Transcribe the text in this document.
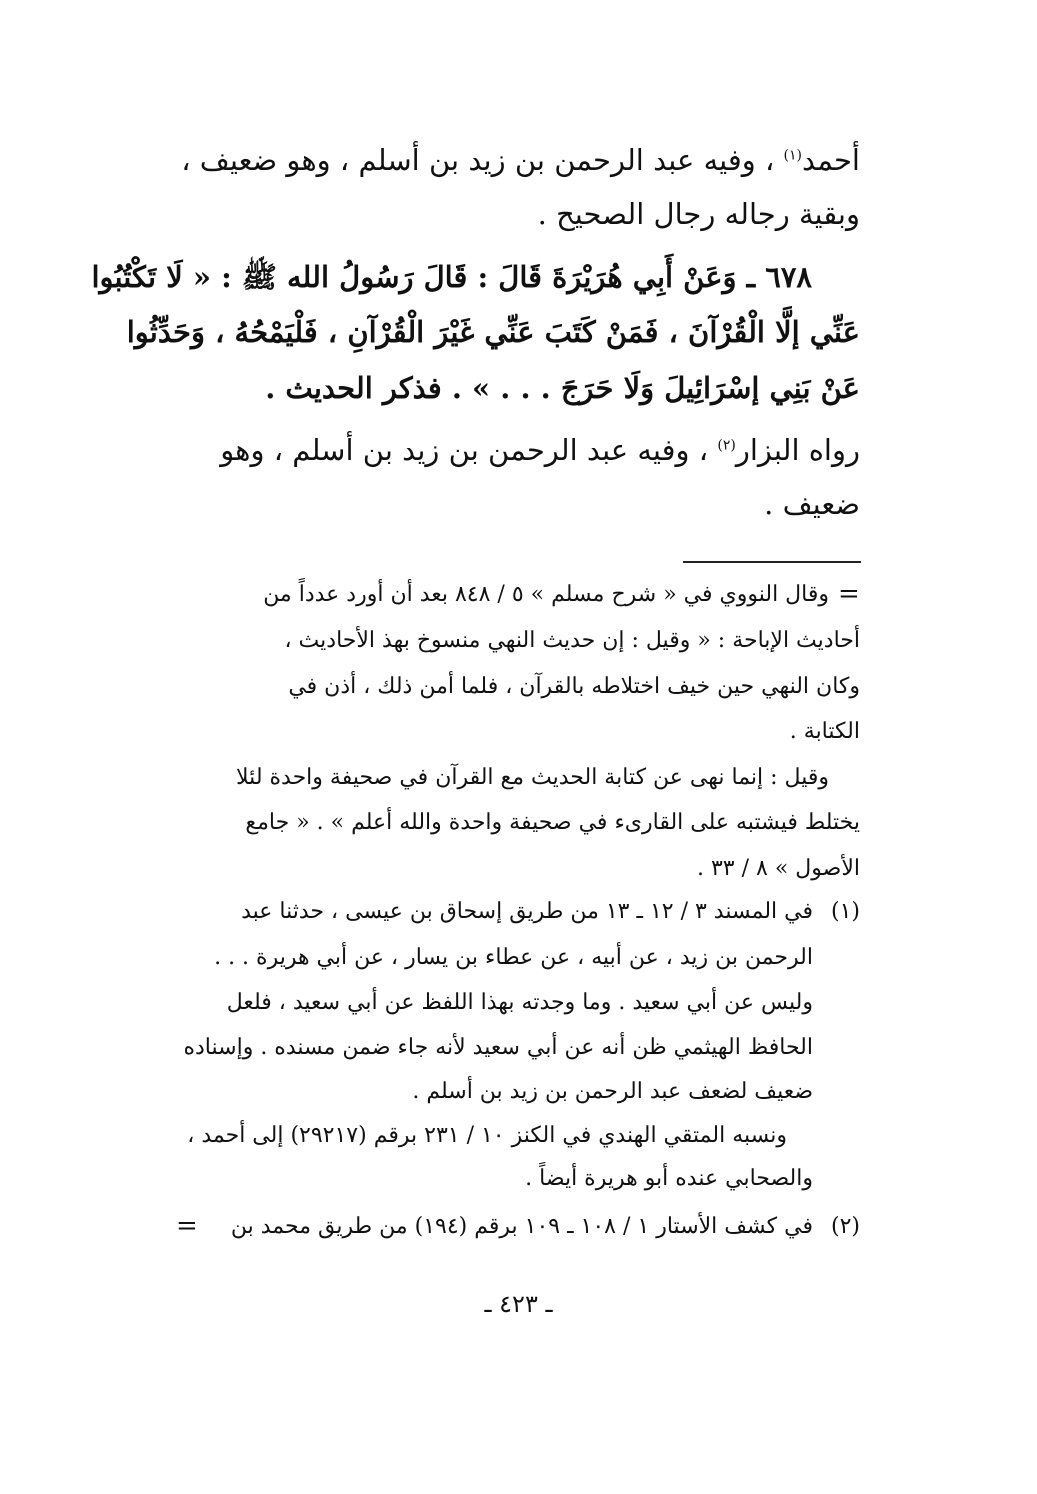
أحمد$^{(١)}$ ، وفيه عبد الرحمن بن زيد بن أسلم ، وهو ضعيف ،
وبقية رجاله رجال الصحيح .
٦٧٨ ـ وَعَنْ أَبِي هُرَيْرَةَ قَالَ : قَالَ رَسُولُ الله ﷺ : « لَا تَكْتُبُوا
عَنِّي إلَّا الْقُرْآنَ ، فَمَنْ كَتَبَ عَنِّي غَيْرَ الْقُرْآنِ ، فَلْيَمْحُهُ ، وَحَدِّثُوا
عَنْ بَنِي إسْرَائِيلَ وَلَا حَرَجَ . . . » . فذكر الحديث .
رواه البزار$^{(٢)}$ ، وفيه عبد الرحمن بن زيد بن أسلم ، وهو
ضعيف .
=
وقال النووي في « شرح مسلم » ٥ / ٨٤٨ بعد أن أورد عدداً من
أحاديث الإباحة : « وقيل : إن حديث النهي منسوخ بهذ الأحاديث ،
وكان النهي حين خيف اختلاطه بالقرآن ، فلما أمن ذلك ، أذن في
الكتابة .
وقيل : إنما نهى عن كتابة الحديث مع القرآن في صحيفة واحدة لئلا
يختلط فيشتبه على القارىء في صحيفة واحدة والله أعلم » . « جامع
الأصول » ٨ / ٣٣ .
(١)
في المسند ٣ / ١٢ ـ ١٣ من طريق إسحاق بن عيسى ، حدثنا عبد
الرحمن بن زيد ، عن أبيه ، عن عطاء بن يسار ، عن أبي هريرة . . .
وليس عن أبي سعيد . وما وجدته بهذا اللفظ عن أبي سعيد ، فلعل
الحافظ الهيثمي ظن أنه عن أبي سعيد لأنه جاء ضمن مسنده . وإسناده
ضعيف لضعف عبد الرحمن بن زيد بن أسلم .
ونسبه المتقي الهندي في الكنز ١٠ / ٢٣١ برقم (٢٩٢١٧) إلى أحمد ،
والصحابي عنده أبو هريرة أيضاً .
(٢)
في كشف الأستار ١ / ١٠٨ ـ ١٠٩ برقم (١٩٤) من طريق محمد بن
=
ـ ٤٢٣ ـ
